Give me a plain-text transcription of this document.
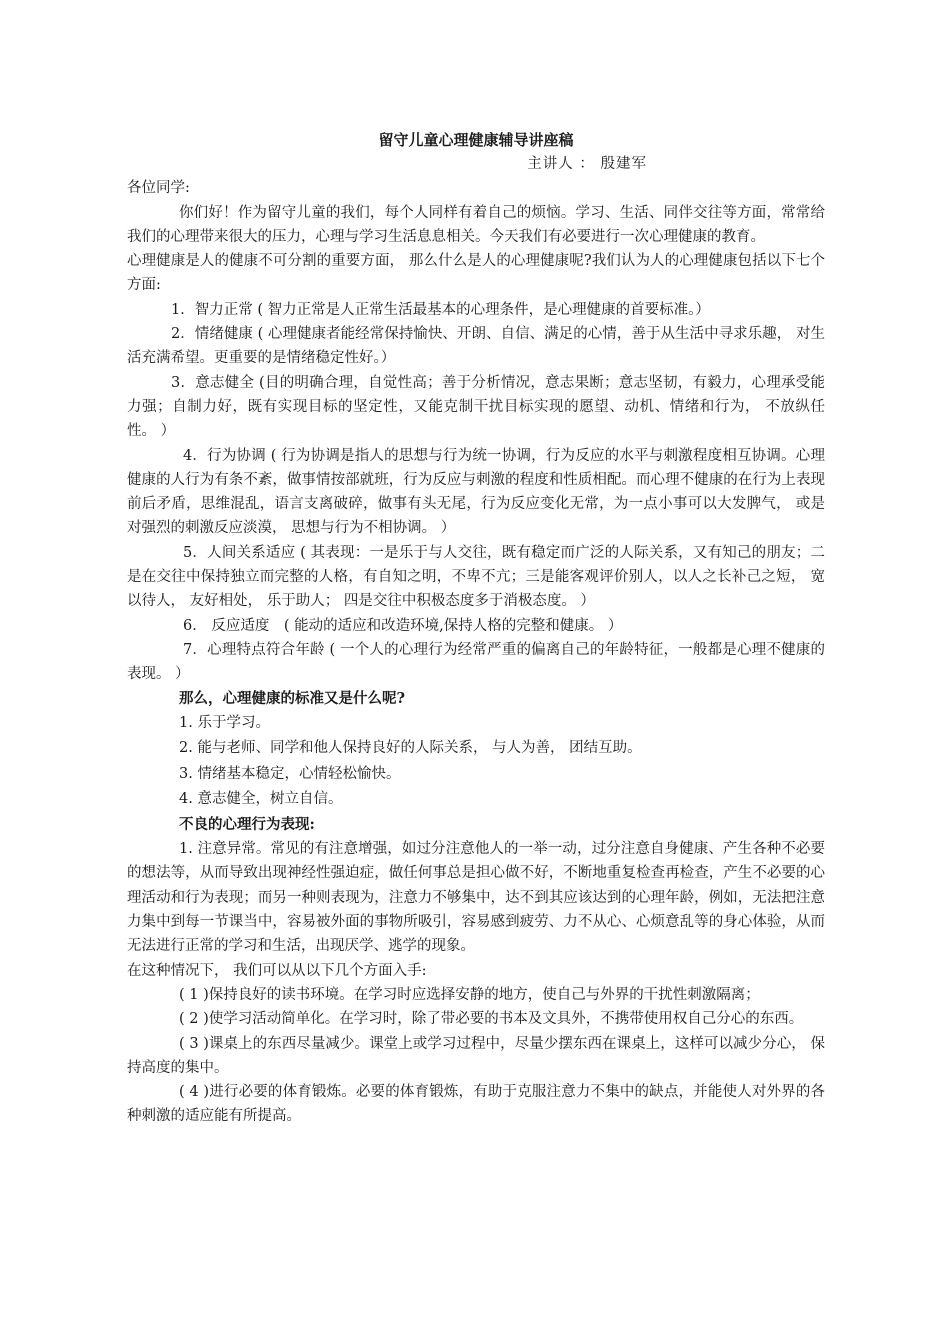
留守儿童心理健康辅导讲座稿

主讲人 ： 殷建军

各位同学:

你们好！作为留守儿童的我们，每个人同样有着自己的烦恼。学习、生活、同伴交往等方面，常常给我们的心理带来很大的压力，心理与学习生活息息相关。今天我们有必要进行一次心理健康的教育。

心理健康是人的健康不可分割的重要方面， 那么什么是人的心理健康呢?我们认为人的心理健康包括以下七个方面:

1．智力正常 ( 智力正常是人正常生活最基本的心理条件，是心理健康的首要标准。）

2．情绪健康 ( 心理健康者能经常保持愉快、开朗、自信、满足的心情，善于从生活中寻求乐趣， 对生活充满希望。更重要的是情绪稳定性好。）

3．意志健全 (目的明确合理，自觉性高；善于分析情况，意志果断；意志坚韧，有毅力，心理承受能力强；自制力好，既有实现目标的坚定性，又能克制干扰目标实现的愿望、动机、情绪和行为， 不放纵任性。 ）

4．行为协调 ( 行为协调是指人的思想与行为统一协调，行为反应的水平与刺激程度相互协调。心理健康的人行为有条不紊，做事情按部就班，行为反应与刺激的程度和性质相配。而心理不健康的在行为上表现前后矛盾，思维混乱，语言支离破碎，做事有头无尾，行为反应变化无常，为一点小事可以大发脾气， 或是对强烈的刺激反应淡漠， 思想与行为不相协调。 ）

5．人间关系适应 ( 其表现：一是乐于与人交往，既有稳定而广泛的人际关系，又有知己的朋友；二是在交往中保持独立而完整的人格，有自知之明，不卑不亢；三是能客观评价别人，以人之长补己之短， 宽以待人， 友好相处， 乐于助人； 四是交往中积极态度多于消极态度。 ）

6． 反应适度　( 能动的适应和改造环境,保持人格的完整和健康。 ）

7．心理特点符合年龄 ( 一个人的心理行为经常严重的偏离自己的年龄特征，一般都是心理不健康的表现。 ）

那么，心理健康的标准又是什么呢?

1. 乐于学习。

2. 能与老师、同学和他人保持良好的人际关系， 与人为善， 团结互助。

3. 情绪基本稳定，心情轻松愉快。

4. 意志健全，树立自信。

不良的心理行为表现:

1. 注意异常。常见的有注意增强，如过分注意他人的一举一动，过分注意自身健康、产生各种不必要的想法等，从而导致出现神经性强迫症，做任何事总是担心做不好，不断地重复检查再检查，产生不必要的心理活动和行为表现；而另一种则表现为，注意力不够集中，达不到其应该达到的心理年龄，例如，无法把注意力集中到每一节课当中，容易被外面的事物所吸引，容易感到疲劳、力不从心、心烦意乱等的身心体验，从而无法进行正常的学习和生活，出现厌学、逃学的现象。

在这种情况下， 我们可以从以下几个方面入手:

( 1 )保持良好的读书环境。在学习时应选择安静的地方，使自己与外界的干扰性刺激隔离；

( 2 )使学习活动简单化。在学习时，除了带必要的书本及文具外，不携带使用权自己分心的东西。

( 3 )课桌上的东西尽量减少。课堂上或学习过程中，尽量少摆东西在课桌上，这样可以减少分心， 保持高度的集中。

( 4 )进行必要的体育锻炼。必要的体育锻炼，有助于克服注意力不集中的缺点，并能使人对外界的各种刺激的适应能有所提高。
